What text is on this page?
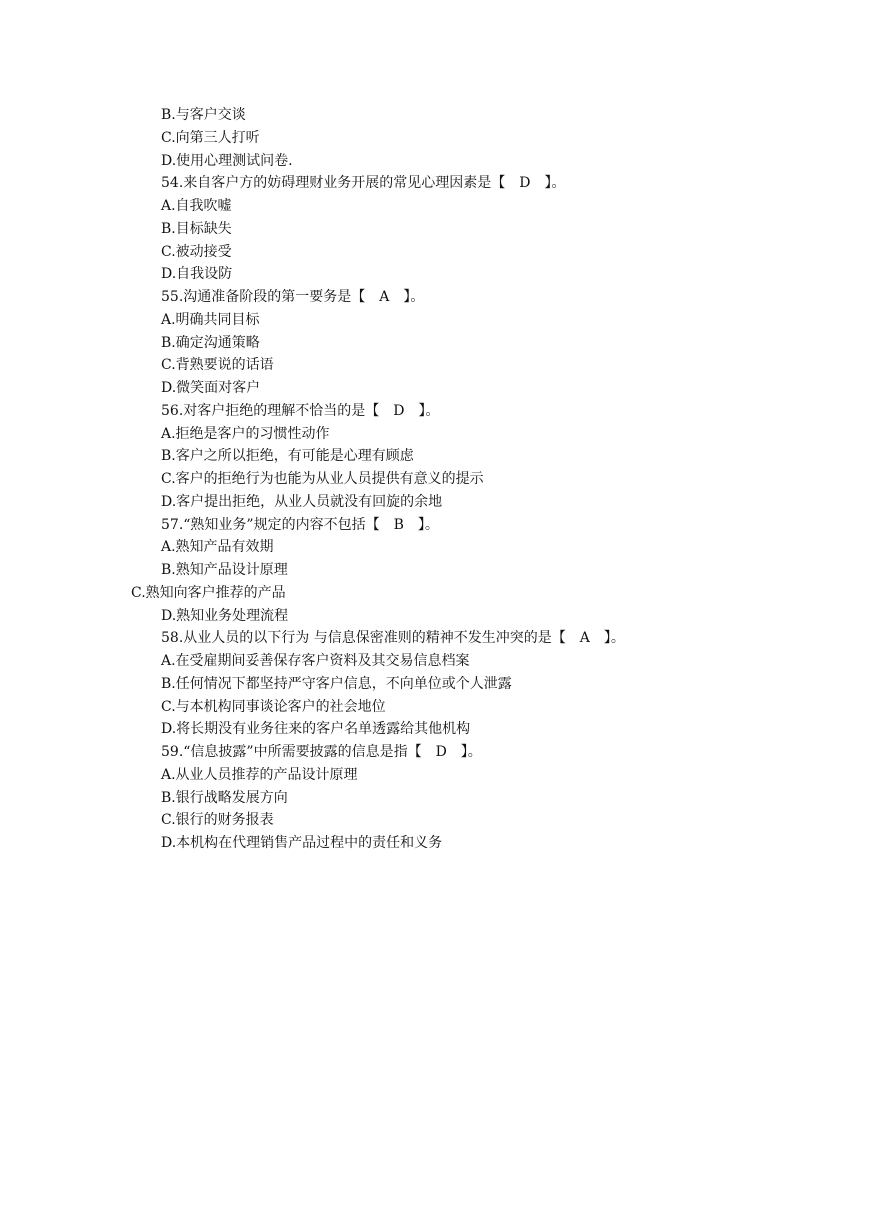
B.与客户交谈
C.向第三人打听
D.使用心理测试问卷.
54.来自客户方的妨碍理财业务开展的常见心理因素是【　D　】。
A.自我吹嘘
B.目标缺失
C.被动接受
D.自我设防
55.沟通准备阶段的第一要务是【　A　】。
A.明确共同目标
B.确定沟通策略
C.背熟要说的话语
D.微笑面对客户
56.对客户拒绝的理解不恰当的是【　D　】。
A.拒绝是客户的习惯性动作
B.客户之所以拒绝，有可能是心理有顾虑
C.客户的拒绝行为也能为从业人员提供有意义的提示
D.客户提出拒绝，从业人员就没有回旋的余地
57.“熟知业务”规定的内容不包括【　B　】。
A.熟知产品有效期
B.熟知产品设计原理
C.熟知向客户推荐的产品
D.熟知业务处理流程
58.从业人员的以下行为 与信息保密准则的精神不发生冲突的是【　A　】。
A.在受雇期间妥善保存客户资料及其交易信息档案
B.任何情况下都坚持严守客户信息，不向单位或个人泄露
C.与本机构同事谈论客户的社会地位
D.将长期没有业务往来的客户名单透露给其他机构
59.“信息披露”中所需要披露的信息是指【　D　】。
A.从业人员推荐的产品设计原理
B.银行战略发展方向
C.银行的财务报表
D.本机构在代理销售产品过程中的责任和义务
